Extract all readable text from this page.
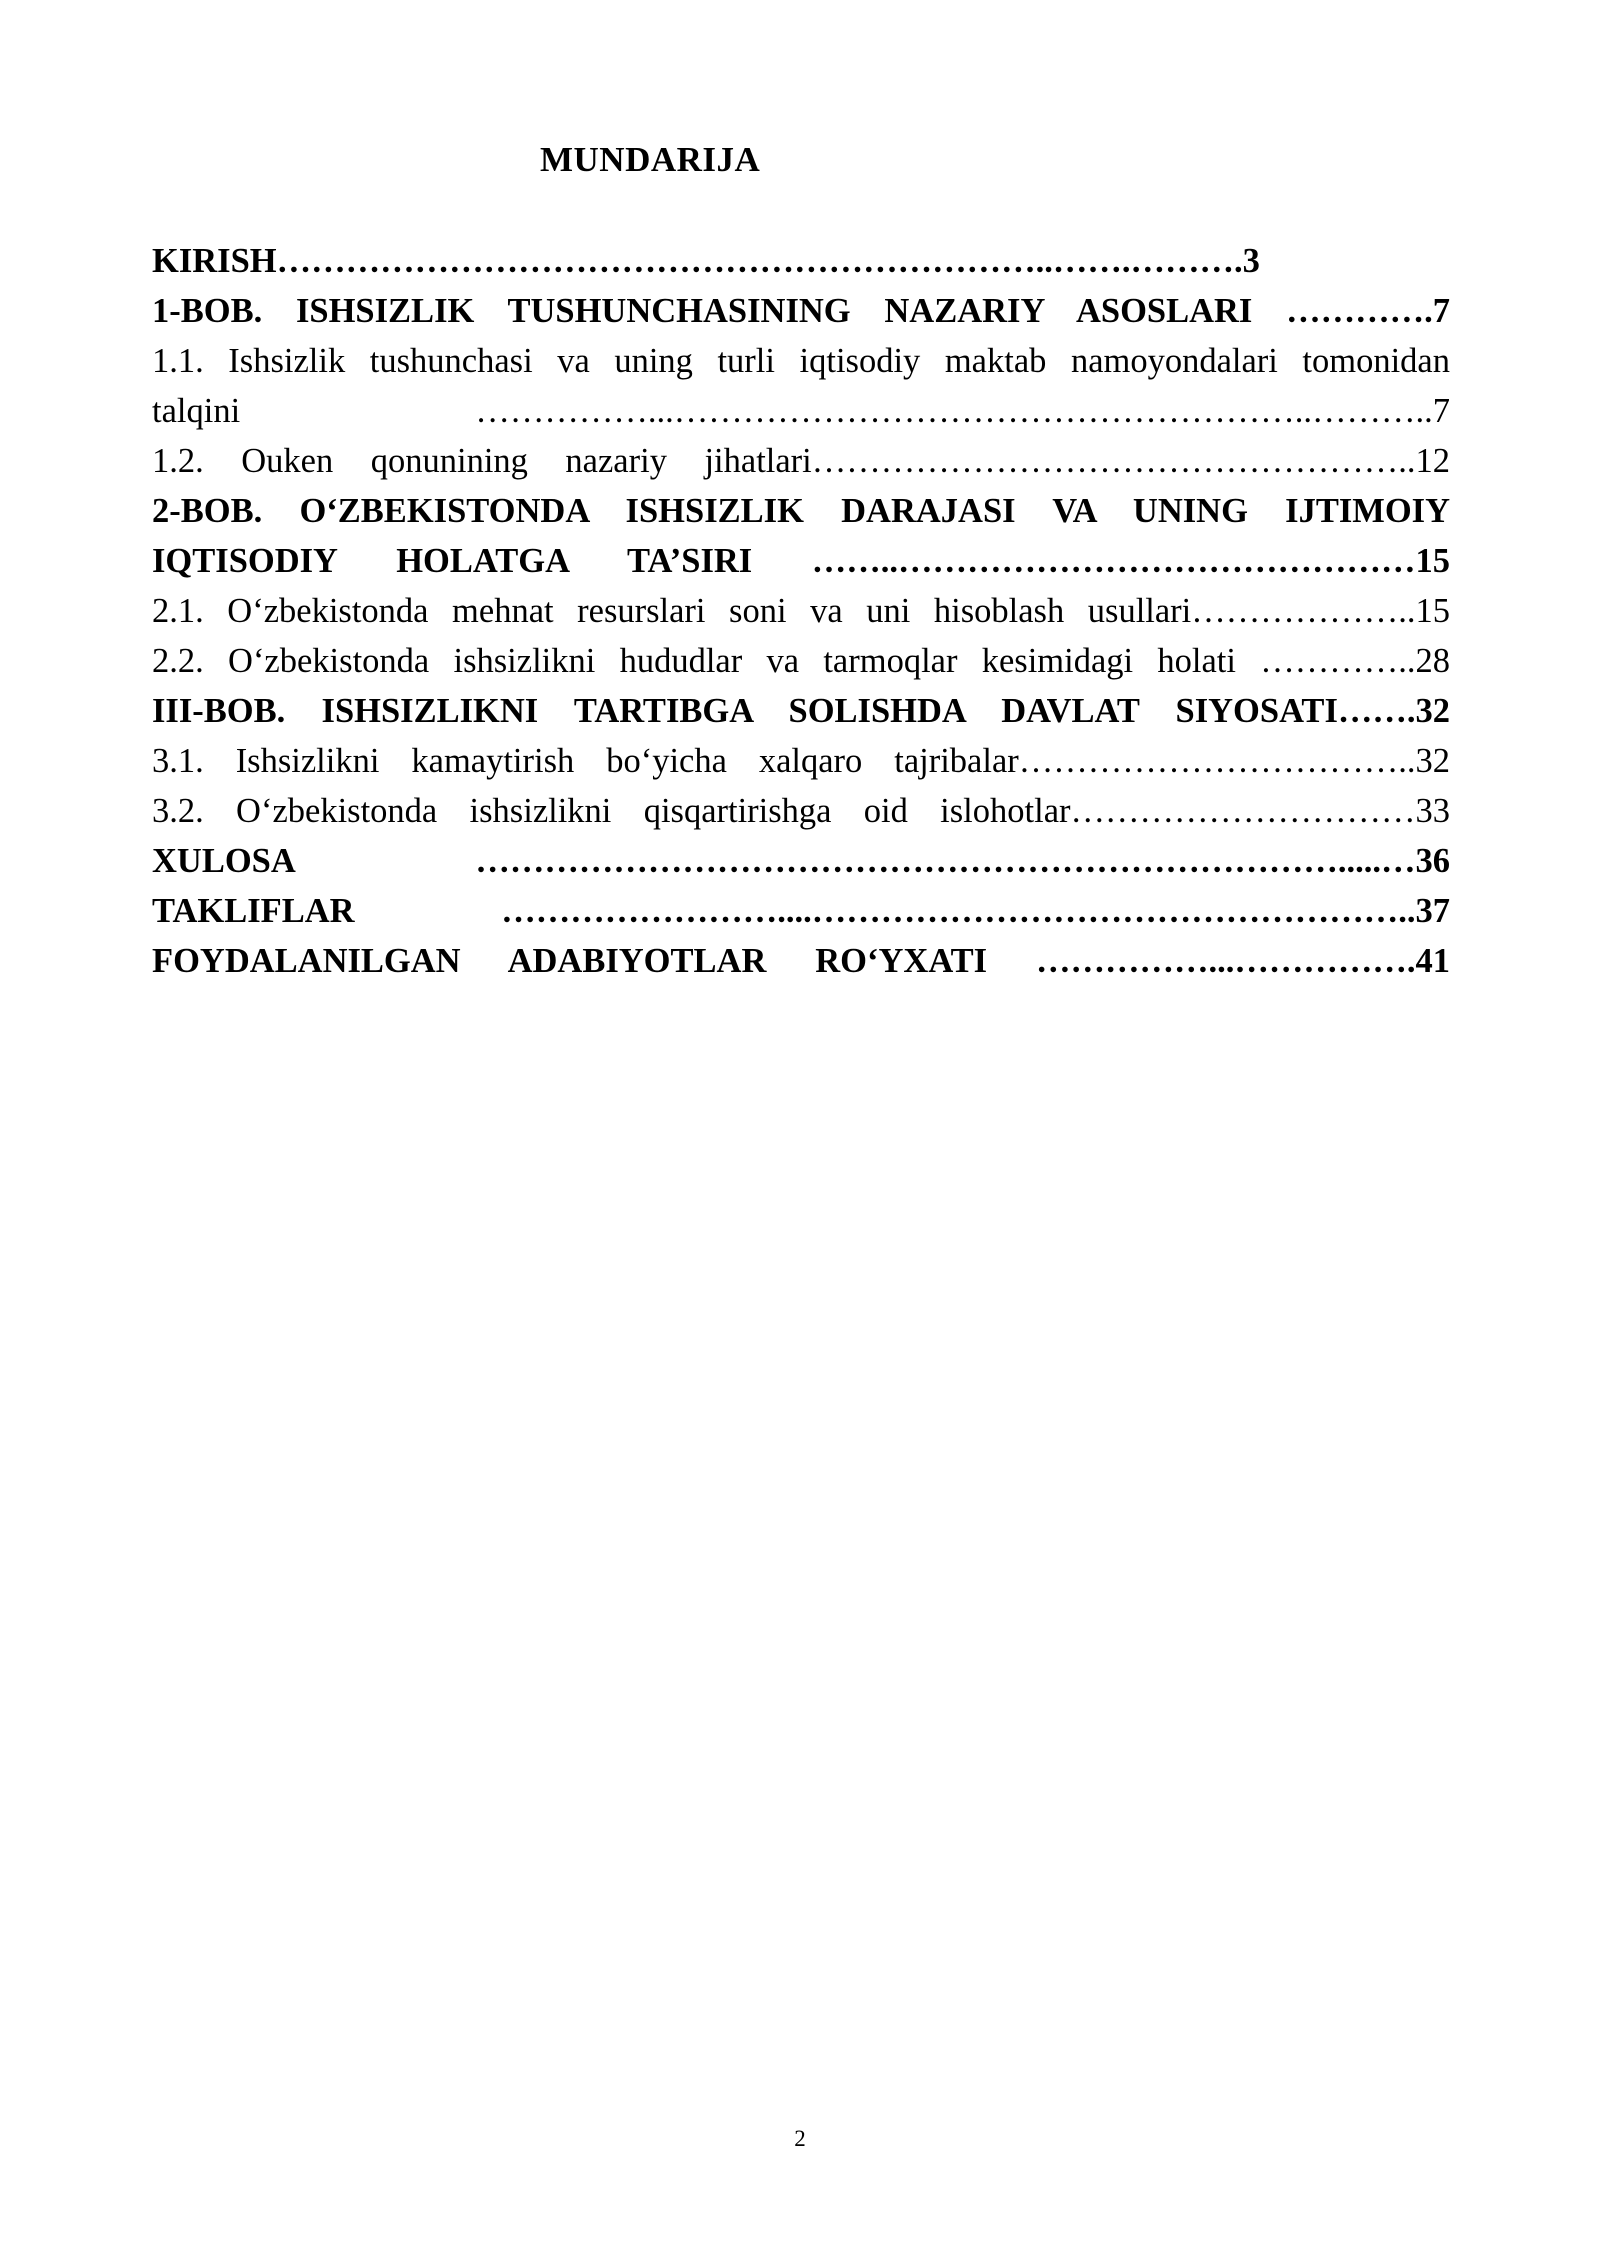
MUNDARIJA
KIRISH…………………………………………………………..…….……….3
1-BOB. ISHSIZLIK TUSHUNCHASINING NAZARIY ASOSLARI ………….7
1.1. Ishsizlik tushunchasi va uning turli iqtisodiy maktab namoyondalari tomonidan
talqini ……………...………………………………………………..………..7
1.2. Ouken qonunining nazariy jihatlari……………………………………………..12
2-BOB. O‘ZBEKISTONDA ISHSIZLIK DARAJASI VA UNING IJTIMOIY
IQTISODIY HOLATGA TA’SIRI ……..………………………………………15
2.1. O‘zbekistonda mehnat resurslari soni va uni hisoblash usullari………………..15
2.2. O‘zbekistonda ishsizlikni hududlar va tarmoqlar kesimidagi holati …………..28
III-BOB. ISHSIZLIKNI TARTIBGA SOLISHDA DAVLAT SIYOSATI…….32
3.1. Ishsizlikni kamaytirish bo‘yicha xalqaro tajribalar……………………………..32
3.2. O‘zbekistonda ishsizlikni qisqartirishga oid islohotlar…………………………33
XULOSA ………………………………………………………………….....…36
TAKLIFLAR ……………………....……………………………………………..37
FOYDALANILGAN ADABIYOTLAR RO‘YXATI ……………...…………….41
2
